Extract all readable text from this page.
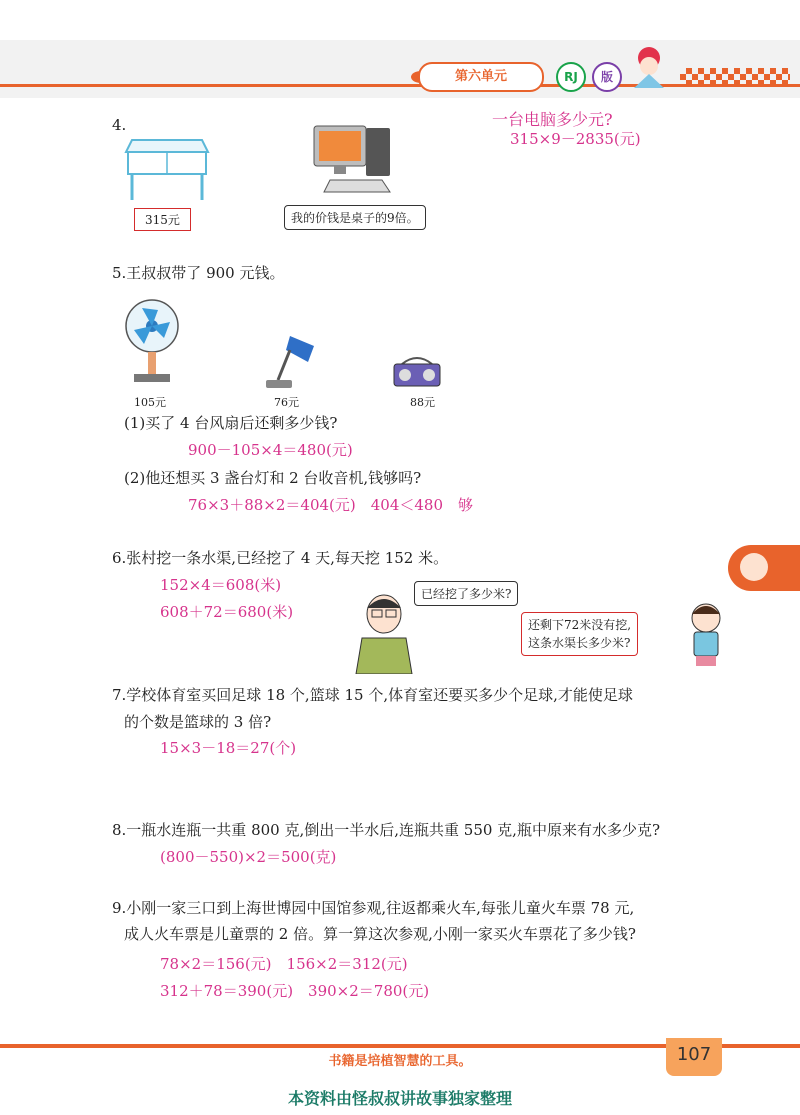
第六单元	RJ	版
4.	一台电脑多少元?
315×9－2835(元)
315元	我的价钱是桌子的9倍。
5.王叔叔带了 900 元钱。
105元	76元	88元
(1)买了 4 台风扇后还剩多少钱?
900－105×4＝480(元)
(2)他还想买 3 盏台灯和 2 台收音机,钱够吗?
76×3＋88×2＝404(元)　404＜480　够
6.张村挖一条水渠,已经挖了 4 天,每天挖 152 米。
152×4＝608(米)
608＋72＝680(米)
已经挖了多少米?
还剩下72米没有挖,
这条水渠长多少米?
7.学校体育室买回足球 18 个,篮球 15 个,体育室还要买多少个足球,才能使足球
的个数是篮球的 3 倍?
15×3－18＝27(个)
8.一瓶水连瓶一共重 800 克,倒出一半水后,连瓶共重 550 克,瓶中原来有水多少克?
(800－550)×2＝500(克)
9.小刚一家三口到上海世博园中国馆参观,往返都乘火车,每张儿童火车票 78 元,
成人火车票是儿童票的 2 倍。算一算这次参观,小刚一家买火车票花了多少钱?
78×2＝156(元)　156×2＝312(元)
312＋78＝390(元)　390×2＝780(元)
书籍是培植智慧的工具。	107
本资料由怪叔叔讲故事独家整理
